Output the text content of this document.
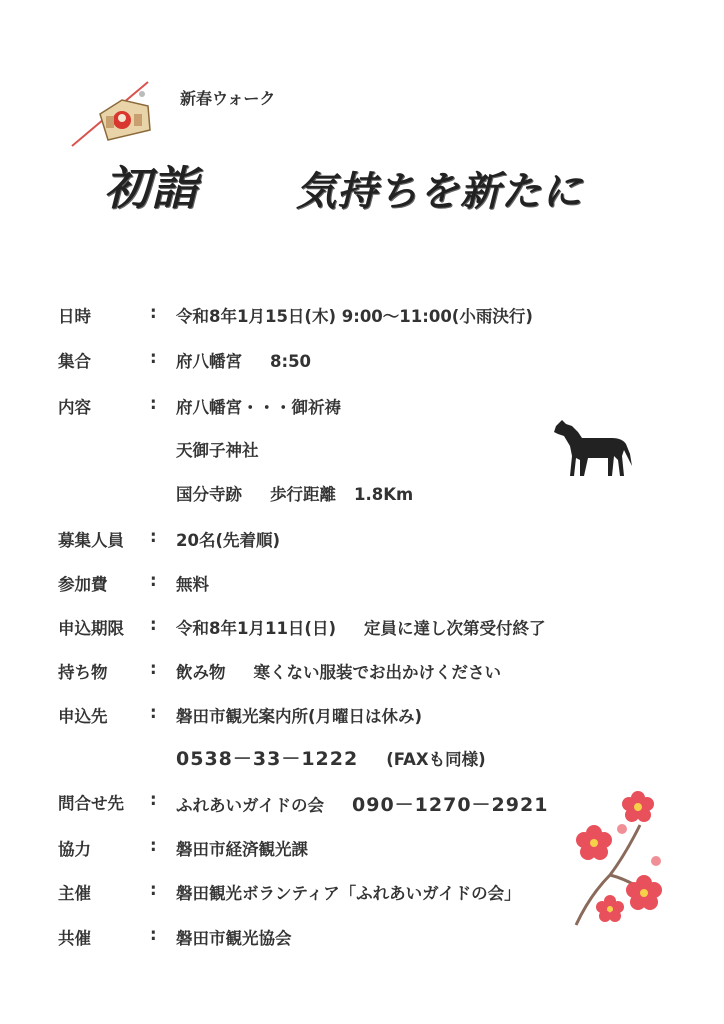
新春ウォーク
初詣 気持ちを新たに
日時	: 令和8年1月15日(木) 9:00～11:00(小雨決行)
集合	: 府八幡宮 8:50
内容	: 府八幡宮・・・御祈祷
天御子神社
国分寺跡 歩行距離 1.8Km
募集人員 : 20名(先着順)
参加費	: 無料
申込期限 : 令和8年1月11日(日) 定員に達し次第受付終了
持ち物	: 飲み物 寒くない服装でお出かけください
申込先	: 磐田市観光案内所(月曜日は休み)
0538－33－1222 (FAXも同様)
問合せ先 : ふれあいガイドの会 090－1270－2921
協力	: 磐田市経済観光課
主催	: 磐田観光ボランティア「ふれあいガイドの会」
共催	: 磐田市観光協会
